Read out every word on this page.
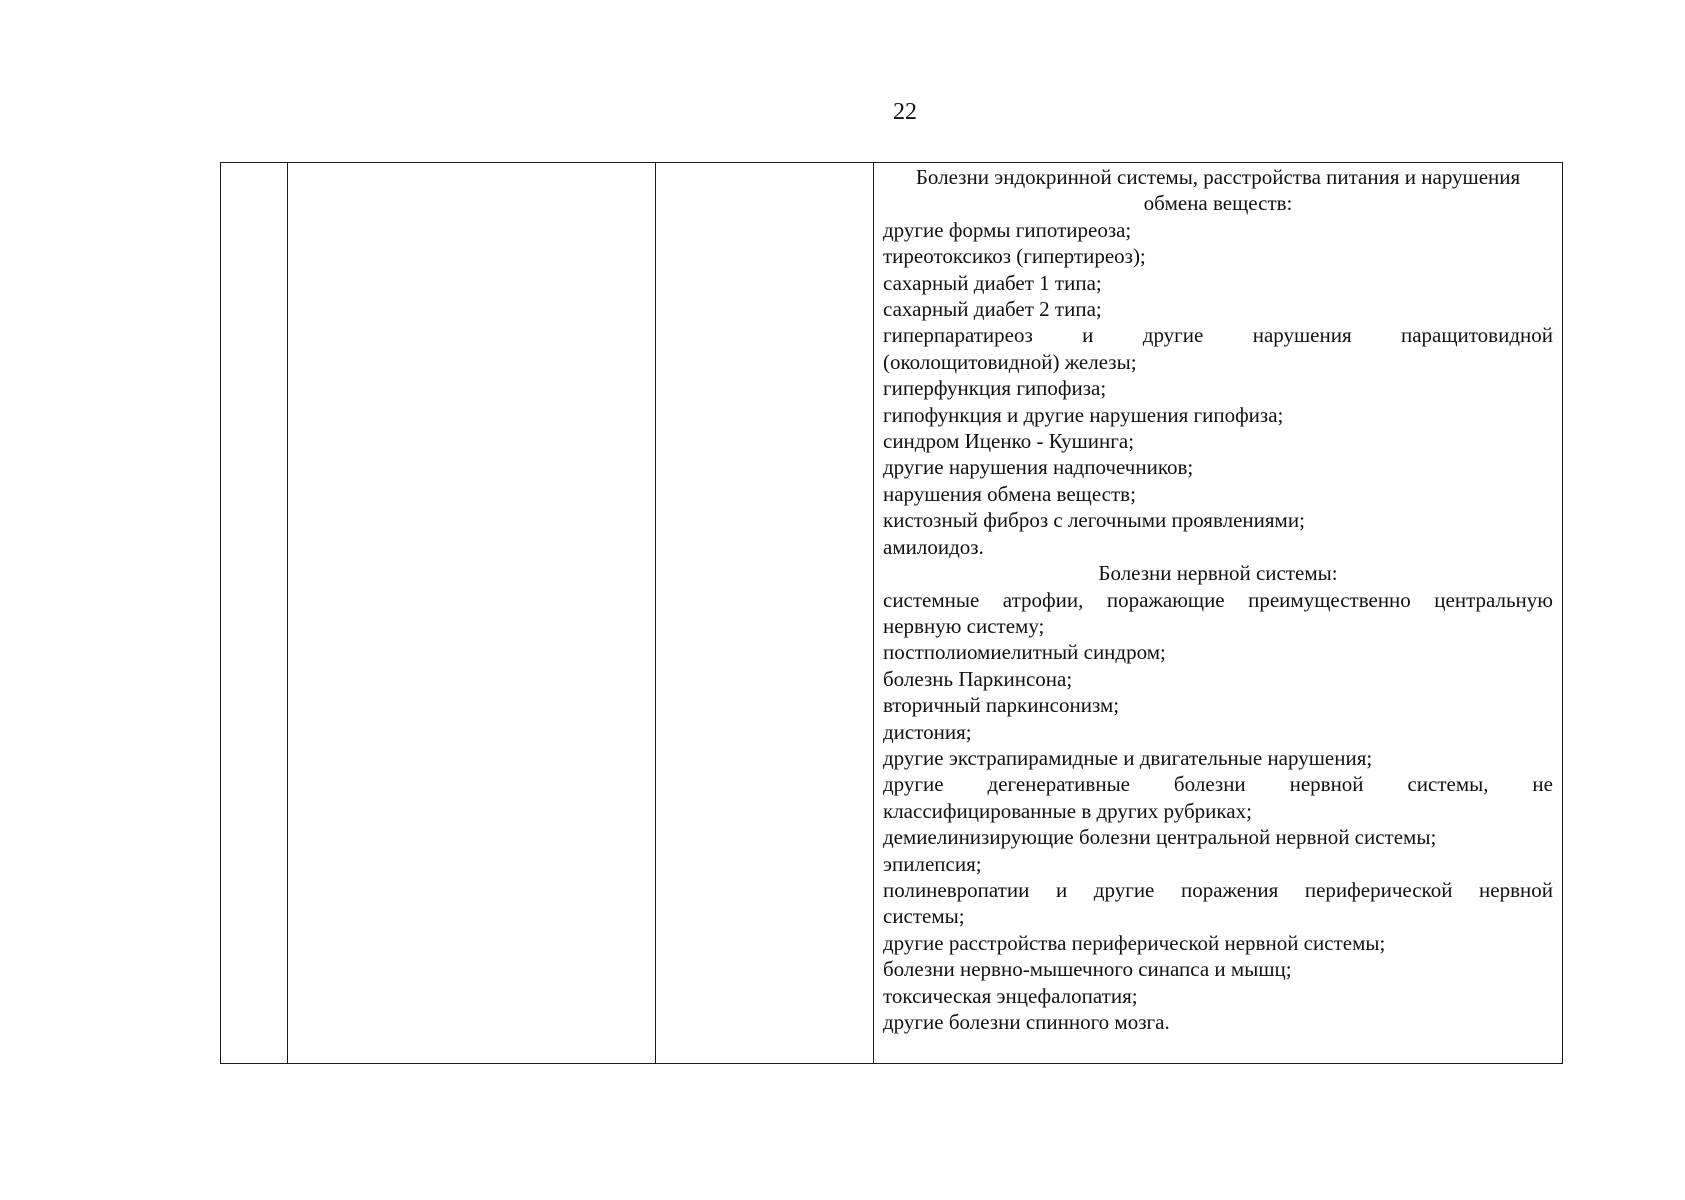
22

Болезни эндокринной системы, расстройства питания и нарушения

обмена веществ:

другие формы гипотиреоза;

тиреотоксикоз (гипертиреоз);

сахарный диабет 1 типа;

сахарный диабет 2 типа;

гиперпаратиреоз и другие нарушения паращитовидной

(околощитовидной) железы;

гиперфункция гипофиза;

гипофункция и другие нарушения гипофиза;

синдром Иценко - Кушинга;

другие нарушения надпочечников;

нарушения обмена веществ;

кистозный фиброз с легочными проявлениями;

амилоидоз.

Болезни нервной системы:

системные атрофии, поражающие преимущественно центральную

нервную систему;

постполиомиелитный синдром;

болезнь Паркинсона;

вторичный паркинсонизм;

дистония;

другие экстрапирамидные и двигательные нарушения;

другие дегенеративные болезни нервной системы, не

классифицированные в других рубриках;

демиелинизирующие болезни центральной нервной системы;

эпилепсия;

полиневропатии и другие поражения периферической нервной

системы;

другие расстройства периферической нервной системы;

болезни нервно-мышечного синапса и мышц;

токсическая энцефалопатия;

другие болезни спинного мозга.
